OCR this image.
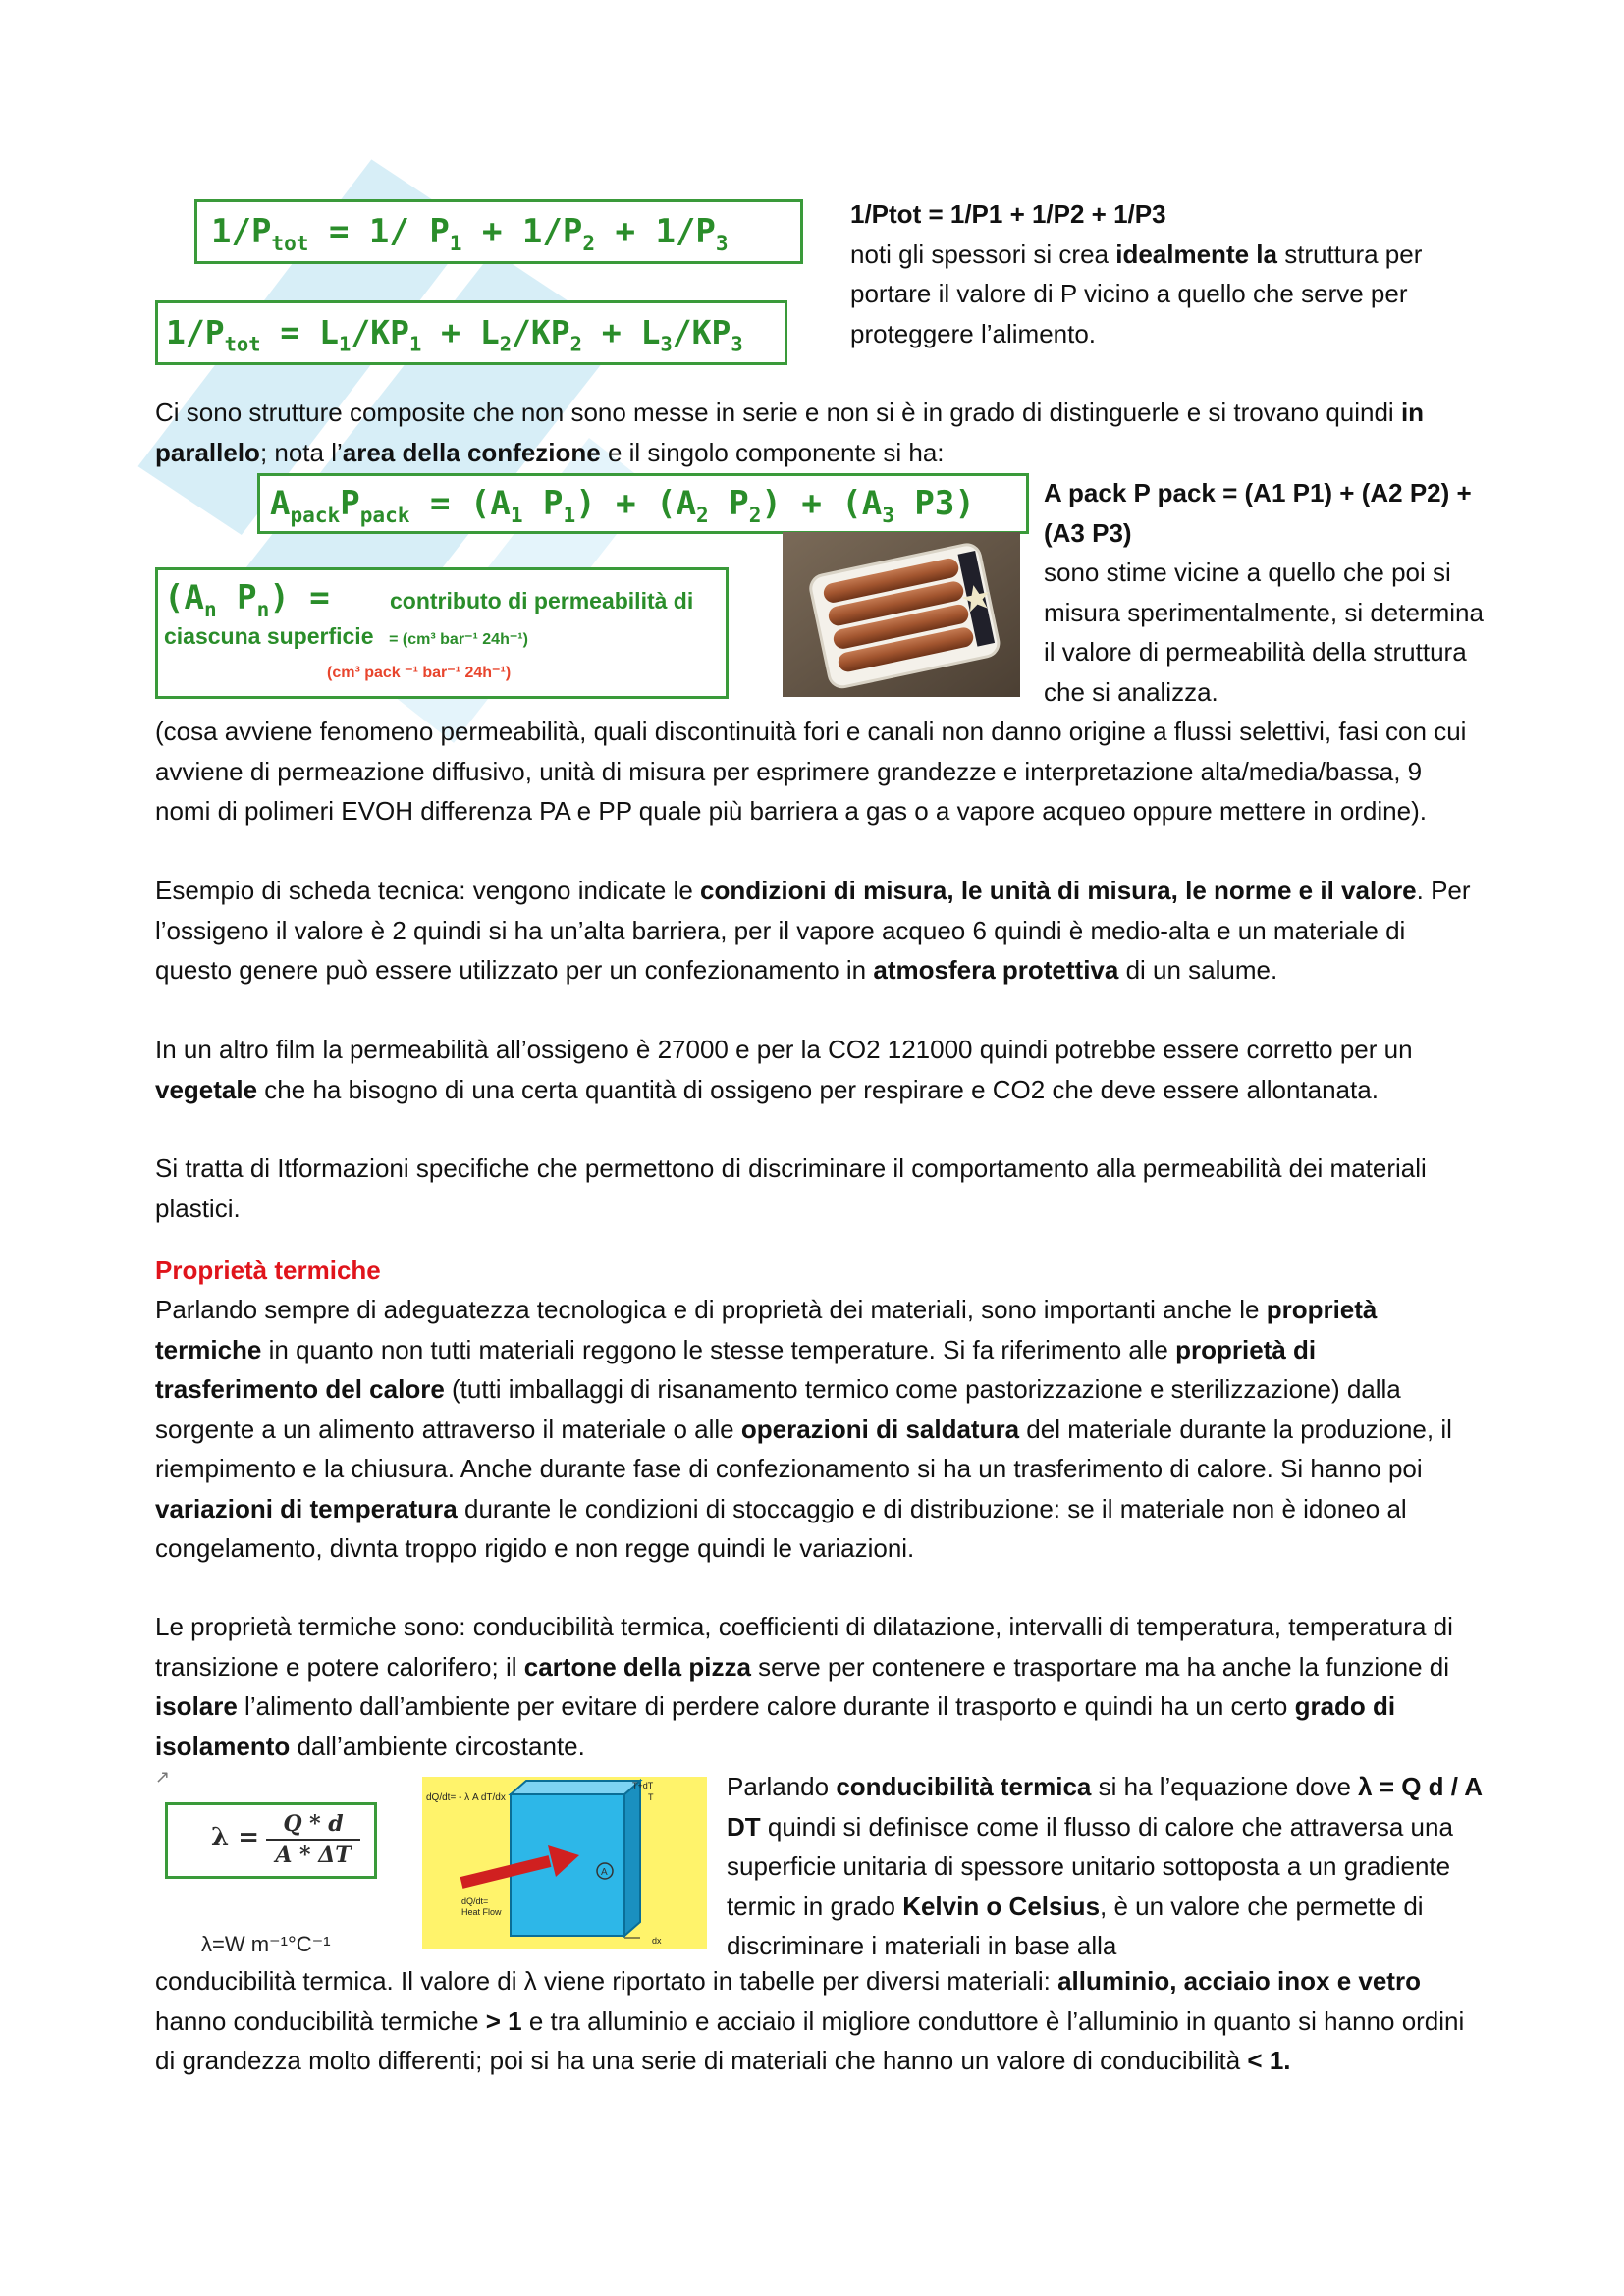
$1/P_{tot} = 1/$ $P_1 + 1/P_2 + 1/P_3$
$1/P_{tot} = L_1/KP_1 + L_2/KP_2 + L_3/KP_3$
1/Ptot = 1/P1 + 1/P2 + 1/P3
noti gli spessori si crea idealmente la struttura per portare il valore di P vicino a quello che serve per proteggere l’alimento.
Ci sono strutture composite che non sono messe in serie e non si è in grado di distinguerle e si trovano quindi in parallelo; nota l’area della confezione e il singolo componente si ha:
$A_{pack}P_{pack} = (A_1$ $P_1) + (A_2$ $P_2) + (A_3$ P3)
($A_n$ $P_n$) =	contributo di permeabilità di
ciascuna superficie = (cm³ bar⁻¹ 24h⁻¹)
(cm³ pack ⁻¹ bar⁻¹ 24h⁻¹)
A pack P pack = (A1 P1) + (A2 P2) + (A3 P3)
sono stime vicine a quello che poi si misura sperimentalmente, si determina il valore di permeabilità della struttura che si analizza.
(cosa avviene fenomeno permeabilità, quali discontinuità fori e canali non danno origine a flussi selettivi, fasi con cui avviene di permeazione diffusivo, unità di misura per esprimere grandezze e interpretazione alta/media/bassa, 9 nomi di polimeri EVOH differenza PA e PP quale più barriera a gas o a vapore acqueo oppure mettere in ordine).
Esempio di scheda tecnica: vengono indicate le condizioni di misura, le unità di misura, le norme e il valore. Per l’ossigeno il valore è 2 quindi si ha un’alta barriera, per il vapore acqueo 6 quindi è medio-alta e un materiale di questo genere può essere utilizzato per un confezionamento in atmosfera protettiva di un salume.
In un altro film la permeabilità all’ossigeno è 27000 e per la CO2 121000 quindi potrebbe essere corretto per un vegetale che ha bisogno di una certa quantità di ossigeno per respirare e CO2 che deve essere allontanata.
Si tratta di Itformazioni specifiche che permettono di discriminare il comportamento alla permeabilità dei materiali plastici.
Proprietà termiche
Parlando sempre di adeguatezza tecnologica e di proprietà dei materiali, sono importanti anche le proprietà termiche in quanto non tutti materiali reggono le stesse temperature. Si fa riferimento alle proprietà di trasferimento del calore (tutti imballaggi di risanamento termico come pastorizzazione e sterilizzazione) dalla sorgente a un alimento attraverso il materiale o alle operazioni di saldatura del materiale durante la produzione, il riempimento e la chiusura. Anche durante fase di confezionamento si ha un trasferimento di calore. Si hanno poi variazioni di temperatura durante le condizioni di stoccaggio e di distribuzione: se il materiale non è idoneo al congelamento, divnta troppo rigido e non regge quindi le variazioni.
Le proprietà termiche sono: conducibilità termica, coefficienti di dilatazione, intervalli di temperatura, temperatura di transizione e potere calorifero; il cartone della pizza serve per contenere e trasportare ma ha anche la funzione di isolare l’alimento dall’ambiente per evitare di perdere calore durante il trasporto e quindi ha un certo grado di isolamento dall’ambiente circostante.
λ =	Q * d
A * ΔT
λ=W m⁻¹°C⁻¹
↗
A
dQ/dt= - λ A dT/dx
dQ/dt=
Heat Flow
T+dT
T
dx
Parlando conducibilità termica si ha l’equazione dove λ = Q d / A DT quindi si definisce come il flusso di calore che attraversa una superficie unitaria di spessore unitario sottoposta a un gradiente termic in grado Kelvin o Celsius, è un valore che permette di discriminare i materiali in base alla
conducibilità termica. Il valore di λ viene riportato in tabelle per diversi materiali: alluminio, acciaio inox e vetro hanno conducibilità termiche > 1 e tra alluminio e acciaio il migliore conduttore è l’alluminio in quanto si hanno ordini di grandezza molto differenti; poi si ha una serie di materiali che hanno un valore di conducibilità < 1.
